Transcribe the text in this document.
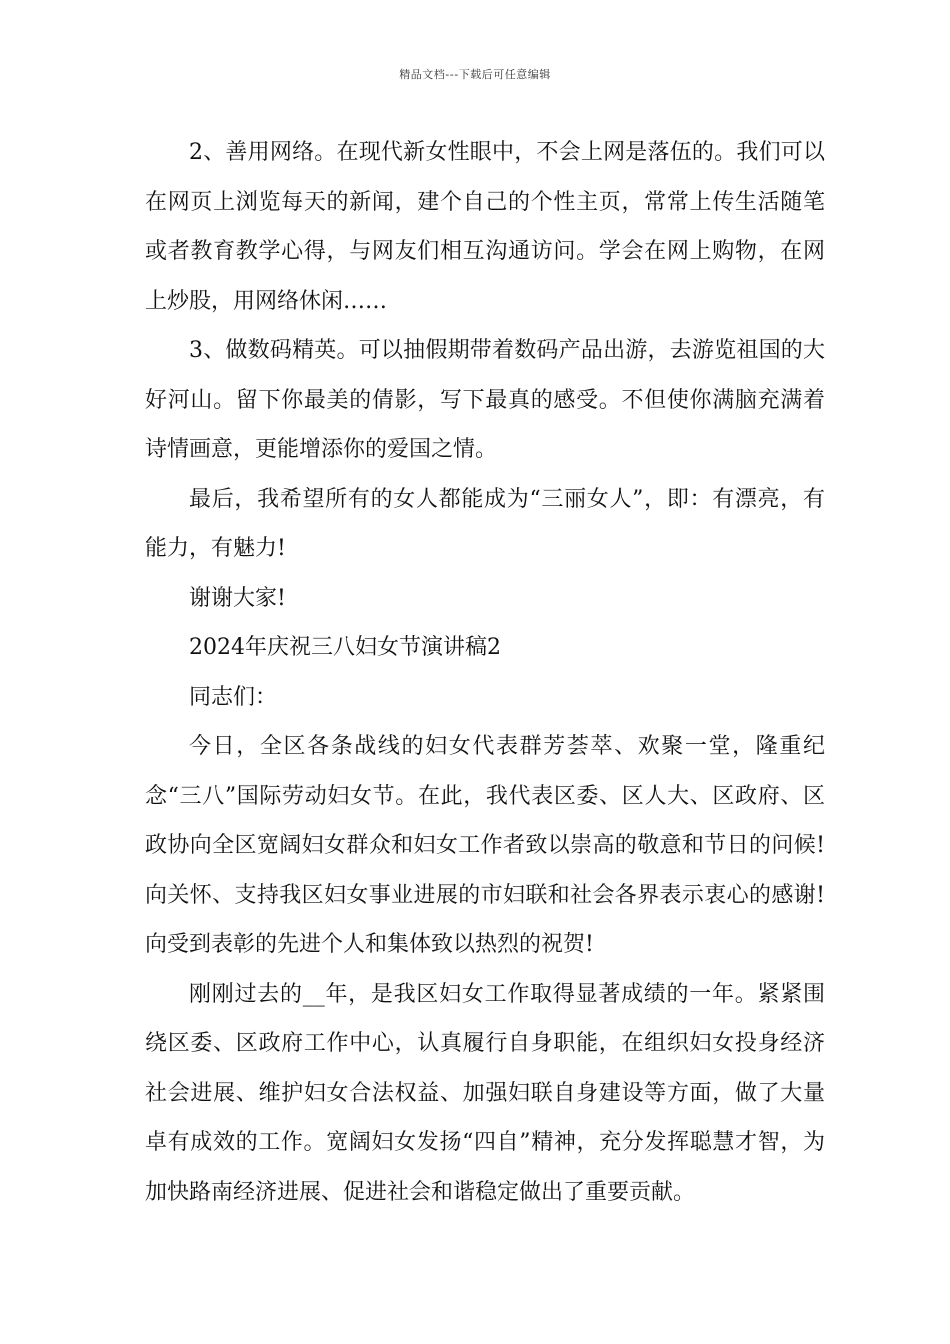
精品文档---下载后可任意编辑

2、善用网络。在现代新女性眼中，不会上网是落伍的。我们可以在网页上浏览每天的新闻，建个自己的个性主页，常常上传生活随笔或者教育教学心得，与网友们相互沟通访问。学会在网上购物，在网上炒股，用网络休闲……

3、做数码精英。可以抽假期带着数码产品出游，去游览祖国的大好河山。留下你最美的倩影，写下最真的感受。不但使你满脑充满着诗情画意，更能增添你的爱国之情。

最后，我希望所有的女人都能成为“三丽女人”，即：有漂亮，有能力，有魅力!

谢谢大家!

2024年庆祝三八妇女节演讲稿2

同志们：

今日，全区各条战线的妇女代表群芳荟萃、欢聚一堂，隆重纪念“三八”国际劳动妇女节。在此，我代表区委、区人大、区政府、区政协向全区宽阔妇女群众和妇女工作者致以崇高的敬意和节日的问候!向关怀、支持我区妇女事业进展的市妇联和社会各界表示衷心的感谢!向受到表彰的先进个人和集体致以热烈的祝贺!

刚刚过去的__年，是我区妇女工作取得显著成绩的一年。紧紧围绕区委、区政府工作中心，认真履行自身职能，在组织妇女投身经济社会进展、维护妇女合法权益、加强妇联自身建设等方面，做了大量卓有成效的工作。宽阔妇女发扬“四自”精神，充分发挥聪慧才智，为加快路南经济进展、促进社会和谐稳定做出了重要贡献。
